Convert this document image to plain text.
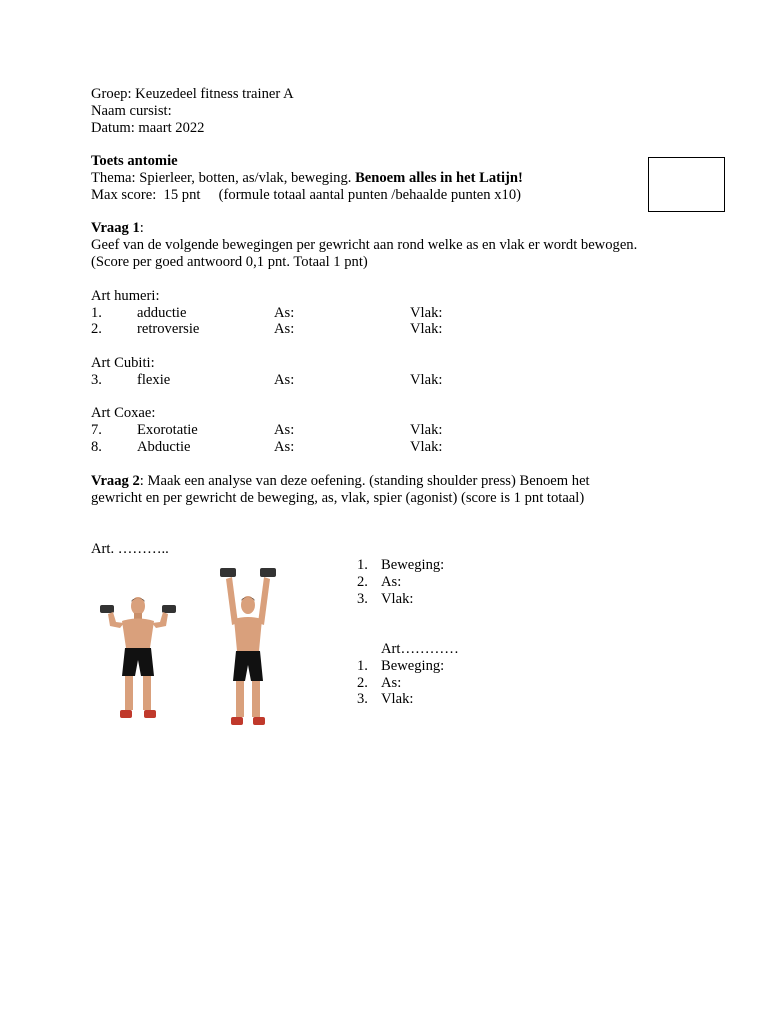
Groep: Keuzedeel fitness trainer A
Naam cursist:
Datum: maart 2022
Toets antomie
Thema: Spierleer, botten, as/vlak, beweging. Benoem alles in het Latijn!
Max score:  15 pnt     (formule totaal aantal punten /behaalde punten x10)
Vraag 1:
Geef van de volgende bewegingen per gewricht aan rond welke as en vlak er wordt bewogen.
(Score per goed antwoord 0,1 pnt. Totaal 1 pnt)
Art humeri:
1. adductie	As:	Vlak:
2. retroversie	As:	Vlak:
Art Cubiti:
3. flexie	As:	Vlak:
Art Coxae:
7. Exorotatie	As:	Vlak:
8. Abductie	As:	Vlak:
Vraag 2: Maak een analyse van deze oefening. (standing shoulder press) Benoem het
gewricht en per gewricht de beweging, as, vlak, spier (agonist) (score is 1 pnt totaal)
Art. ………..
1. Beweging:
2. As:
3. Vlak:
Art…………
1. Beweging:
2. As:
3. Vlak:
